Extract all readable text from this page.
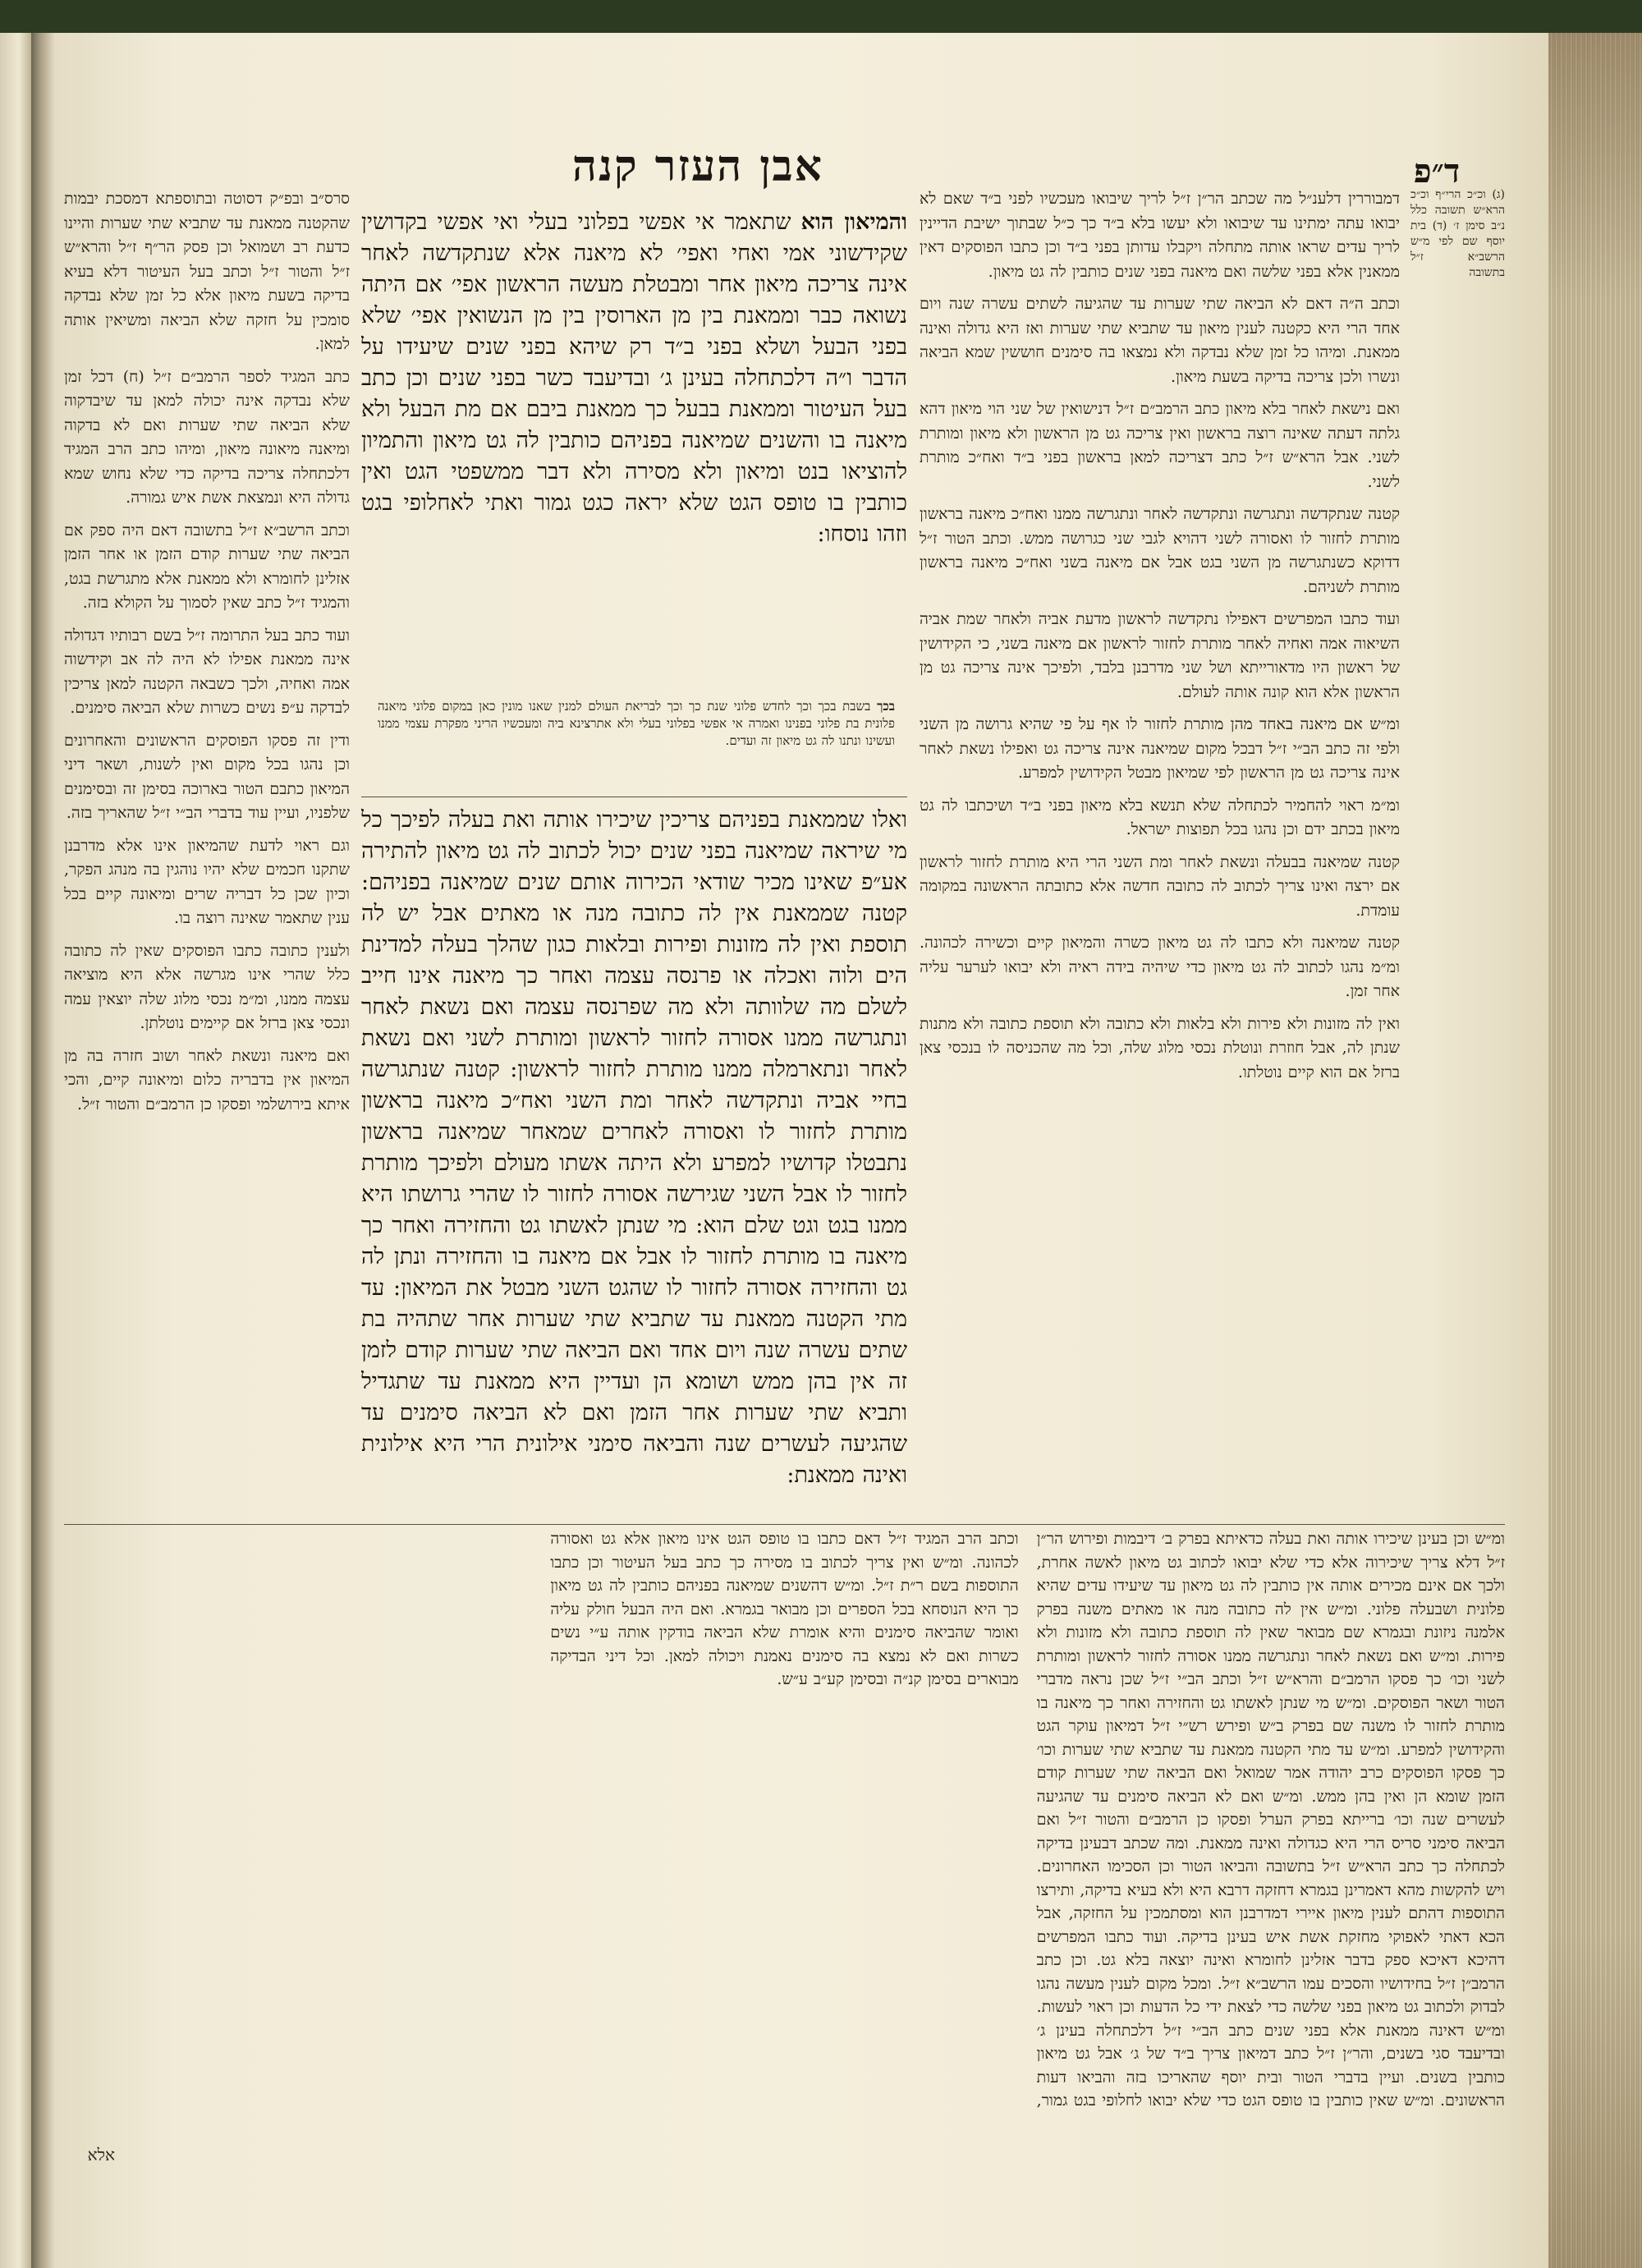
אבן העזר קנה	ד״פ
(ג) וכ״כ הרי״ף וכ״כ הרא״ש תשובה כלל נ״ב סימן ז׳ (ד) בית יוסף שם לפי מ״ש הרשב״א ז״ל בתשובה

דמבוררין דלענ״ל מה שכתב הר״ן ז״ל לריך שיבואו מעכשיו לפני ב״ד שאם לא יבואו עתה ימתינו עד שיבואו ולא יעשו בלא ב״ד כך כ״ל שבתוך ישיבת הדיינין לריך עדים שראו אותה מתחלה ויקבלו עדותן בפני ב״ד וכן כתבו הפוסקים דאין ממאנין אלא בפני שלשה ואם מיאנה בפני שנים כותבין לה גט מיאון.

וכתב ה״ה דאם לא הביאה שתי שערות עד שהגיעה לשתים עשרה שנה ויום אחד הרי היא כקטנה לענין מיאון עד שתביא שתי שערות ואז היא גדולה ואינה ממאנת. ומיהו כל זמן שלא נבדקה ולא נמצאו בה סימנים חוששין שמא הביאה ונשרו ולכן צריכה בדיקה בשעת מיאון.

ואם נישאת לאחר בלא מיאון כתב הרמב״ם ז״ל דנישואין של שני הוי מיאון דהא גלתה דעתה שאינה רוצה בראשון ואין צריכה גט מן הראשון ולא מיאון ומותרת לשני. אבל הרא״ש ז״ל כתב דצריכה למאן בראשון בפני ב״ד ואח״כ מותרת לשני.

קטנה שנתקדשה ונתגרשה ונתקדשה לאחר ונתגרשה ממנו ואח״כ מיאנה בראשון מותרת לחזור לו ואסורה לשני דהויא לגבי שני כגרושה ממש. וכתב הטור ז״ל דדוקא כשנתגרשה מן השני בגט אבל אם מיאנה בשני ואח״כ מיאנה בראשון מותרת לשניהם.

ועוד כתבו המפרשים דאפילו נתקדשה לראשון מדעת אביה ולאחר שמת אביה השיאוה אמה ואחיה לאחר מותרת לחזור לראשון אם מיאנה בשני, כי הקידושין של ראשון היו מדאורייתא ושל שני מדרבנן בלבד, ולפיכך אינה צריכה גט מן הראשון אלא הוא קונה אותה לעולם.

ומ״ש אם מיאנה באחד מהן מותרת לחזור לו אף על פי שהיא גרושה מן השני ולפי זה כתב הב״י ז״ל דבכל מקום שמיאנה אינה צריכה גט ואפילו נשאת לאחר אינה צריכה גט מן הראשון לפי שמיאון מבטל הקידושין למפרע.

ומ״מ ראוי להחמיר לכתחלה שלא תנשא בלא מיאון בפני ב״ד ושיכתבו לה גט מיאון בכתב ידם וכן נהגו בכל תפוצות ישראל.

קטנה שמיאנה בבעלה ונשאת לאחר ומת השני הרי היא מותרת לחזור לראשון אם ירצה ואינו צריך לכתוב לה כתובה חדשה אלא כתובתה הראשונה במקומה עומדת.

קטנה שמיאנה ולא כתבו לה גט מיאון כשרה והמיאון קיים וכשירה לכהונה. ומ״מ נהגו לכתוב לה גט מיאון כדי שיהיה בידה ראיה ולא יבואו לערער עליה אחר זמן.

ואין לה מזונות ולא פירות ולא בלאות ולא כתובה ולא תוספת כתובה ולא מתנות שנתן לה, אבל חוזרת ונוטלת נכסי מלוג שלה, וכל מה שהכניסה לו בנכסי צאן ברזל אם הוא קיים נוטלתו.

והמיאון הוא שתאמר אי אפשי בפלוני בעלי ואי אפשי בקדושין שקידשוני אמי ואחי ואפי׳ לא מיאנה אלא שנתקדשה לאחר אינה צריכה מיאון אחר ומבטלת מעשה הראשון אפי׳ אם היתה נשואה כבר וממאנת בין מן הארוסין בין מן הנשואין אפי׳ שלא בפני הבעל ושלא בפני ב״ד רק שיהא בפני שנים שיעידו על הדבר ו״ה דלכתחלה בעינן ג׳ ובדיעבד כשר בפני שנים וכן כתב בעל העיטור וממאנת בבעל כך ממאנת ביבם אם מת הבעל ולא מיאנה בו והשנים שמיאנה בפניהם כותבין לה גט מיאון והתמיון להוציאו בנט ומיאון ולא מסירה ולא דבר ממשפטי הגט ואין כותבין בו טופס הגט שלא יראה כגט גמור ואתי לאחלופי בגט וזהו נוסחו:
בכך בשבת בכך וכך לחדש פלוני שנת כך וכך לבריאת העולם למנין שאנו מונין כאן במקום פלוני מיאנה פלונית בת פלוני בפנינו ואמרה אי אפשי בפלוני בעלי ולא אתרצינא ביה ומעכשיו הריני מפקרת עצמי ממנו ועשינו ונתנו לה גט מיאון זה ועדים.
ואלו שממאנת בפניהם צריכין שיכירו אותה ואת בעלה לפיכך כל מי שיראה שמיאנה בפני שנים יכול לכתוב לה גט מיאון להתירה אע״פ שאינו מכיר שודאי הכירוה אותם שנים שמיאנה בפניהם: קטנה שממאנת אין לה כתובה מנה או מאתים אבל יש לה תוספת ואין לה מזונות ופירות ובלאות כגון שהלך בעלה למדינת הים ולוה ואכלה או פרנסה עצמה ואחר כך מיאנה אינו חייב לשלם מה שלוותה ולא מה שפרנסה עצמה ואם נשאת לאחר ונתגרשה ממנו אסורה לחזור לראשון ומותרת לשני ואם נשאת לאחר ונתארמלה ממנו מותרת לחזור לראשון: קטנה שנתגרשה בחיי אביה ונתקדשה לאחר ומת השני ואח״כ מיאנה בראשון מותרת לחזור לו ואסורה לאחרים שמאחר שמיאנה בראשון נתבטלו קדושיו למפרע ולא היתה אשתו מעולם ולפיכך מותרת לחזור לו אבל השני שגירשה אסורה לחזור לו שהרי גרושתו היא ממנו בגט וגט שלם הוא: מי שנתן לאשתו גט והחזירה ואחר כך מיאנה בו מותרת לחזור לו אבל אם מיאנה בו והחזירה ונתן לה גט והחזירה אסורה לחזור לו שהגט השני מבטל את המיאון: עד מתי הקטנה ממאנת עד שתביא שתי שערות אחר שתהיה בת שתים עשרה שנה ויום אחד ואם הביאה שתי שערות קודם לזמן זה אין בהן ממש ושומא הן ועדיין היא ממאנת עד שתגדיל ותביא שתי שערות אחר הזמן ואם לא הביאה סימנים עד שהגיעה לעשרים שנה והביאה סימני אילונית הרי היא אילונית ואינה ממאנת:

סרס״ב ובפ״ק דסוטה ובתוספתא דמסכת יבמות שהקטנה ממאנת עד שתביא שתי שערות והיינו כדעת רב ושמואל וכן פסק הר״ף ז״ל והרא״ש ז״ל והטור ז״ל וכתב בעל העיטור דלא בעיא בדיקה בשעת מיאון אלא כל זמן שלא נבדקה סומכין על חזקה שלא הביאה ומשיאין אותה למאן.

כתב המגיד לספר הרמב״ם ז״ל (ח) דכל זמן שלא נבדקה אינה יכולה למאן עד שיבדקוה שלא הביאה שתי שערות ואם לא בדקוה ומיאנה מיאונה מיאון, ומיהו כתב הרב המגיד דלכתחלה צריכה בדיקה כדי שלא נחוש שמא גדולה היא ונמצאת אשת איש גמורה.

וכתב הרשב״א ז״ל בתשובה דאם היה ספק אם הביאה שתי שערות קודם הזמן או אחר הזמן אזלינן לחומרא ולא ממאנת אלא מתגרשת בגט, והמגיד ז״ל כתב שאין לסמוך על הקולא בזה.

ועוד כתב בעל התרומה ז״ל בשם רבותיו דגדולה אינה ממאנת אפילו לא היה לה אב וקידשוה אמה ואחיה, ולכך כשבאה הקטנה למאן צריכין לבדקה ע״פ נשים כשרות שלא הביאה סימנים.

ודין זה פסקו הפוסקים הראשונים והאחרונים וכן נהגו בכל מקום ואין לשנות, ושאר דיני המיאון כתבם הטור בארוכה בסימן זה ובסימנים שלפניו, ועיין עוד בדברי הב״י ז״ל שהאריך בזה.

וגם ראוי לדעת שהמיאון אינו אלא מדרבנן שתקנו חכמים שלא יהיו נוהגין בה מנהג הפקר, וכיון שכן כל דבריה שרים ומיאונה קיים בכל ענין שתאמר שאינה רוצה בו.

ולענין כתובה כתבו הפוסקים שאין לה כתובה כלל שהרי אינו מגרשה אלא היא מוציאה עצמה ממנו, ומ״מ נכסי מלוג שלה יוצאין עמה ונכסי צאן ברזל אם קיימים נוטלתן.

ואם מיאנה ונשאת לאחר ושוב חזרה בה מן המיאון אין בדבריה כלום ומיאונה קיים, והכי איתא בירושלמי ופסקו כן הרמב״ם והטור ז״ל.

ומ״ש וכן בעינן שיכירו אותה ואת בעלה כדאיתא בפרק ב׳ דיבמות ופירוש הר״ן ז״ל דלא צריך שיכירוה אלא כדי שלא יבואו לכתוב גט מיאון לאשה אחרת, ולכך אם אינם מכירים אותה אין כותבין לה גט מיאון עד שיעידו עדים שהיא פלונית ושבעלה פלוני. ומ״ש אין לה כתובה מנה או מאתים משנה בפרק אלמנה ניזונת ובגמרא שם מבואר שאין לה תוספת כתובה ולא מזונות ולא פירות. ומ״ש ואם נשאת לאחר ונתגרשה ממנו אסורה לחזור לראשון ומותרת לשני וכו׳ כך פסקו הרמב״ם והרא״ש ז״ל וכתב הב״י ז״ל שכן נראה מדברי הטור ושאר הפוסקים. ומ״ש מי שנתן לאשתו גט והחזירה ואחר כך מיאנה בו מותרת לחזור לו משנה שם בפרק ב״ש ופירש רש״י ז״ל דמיאון עוקר הגט והקידושין למפרע. ומ״ש עד מתי הקטנה ממאנת עד שתביא שתי שערות וכו׳ כך פסקו הפוסקים כרב יהודה אמר שמואל ואם הביאה שתי שערות קודם הזמן שומא הן ואין בהן ממש. ומ״ש ואם לא הביאה סימנים עד שהגיעה לעשרים שנה וכו׳ ברייתא בפרק הערל ופסקו כן הרמב״ם והטור ז״ל ואם הביאה סימני סריס הרי היא כגדולה ואינה ממאנת. ומה שכתב דבעינן בדיקה לכתחלה כך כתב הרא״ש ז״ל בתשובה והביאו הטור וכן הסכימו האחרונים. ויש להקשות מהא דאמרינן בגמרא דחזקה דרבא היא ולא בעיא בדיקה, ותירצו התוספות דהתם לענין מיאון איירי דמדרבנן הוא ומסתמכין על החזקה, אבל הכא דאתי לאפוקי מחזקת אשת איש בעינן בדיקה. ועוד כתבו המפרשים דהיכא דאיכא ספק בדבר אזלינן לחומרא ואינה יוצאה בלא גט. וכן כתב הרמב״ן ז״ל בחידושיו והסכים עמו הרשב״א ז״ל. ומכל מקום לענין מעשה נהגו לבדוק ולכתוב גט מיאון בפני שלשה כדי לצאת ידי כל הדעות וכן ראוי לעשות. ומ״ש דאינה ממאנת אלא בפני שנים כתב הב״י ז״ל דלכתחלה בעינן ג׳ ובדיעבד סגי בשנים, והר״ן ז״ל כתב דמיאון צריך ב״ד של ג׳ אבל גט מיאון כותבין בשנים. ועיין בדברי הטור ובית יוסף שהאריכו בזה והביאו דעות הראשונים. ומ״ש שאין כותבין בו טופס הגט כדי שלא יבואו לחלופי בגט גמור, וכתב הרב המגיד ז״ל דאם כתבו בו טופס הגט אינו מיאון אלא גט ואסורה לכהונה. ומ״ש ואין צריך לכתוב בו מסירה כך כתב בעל העיטור וכן כתבו התוספות בשם ר״ת ז״ל. ומ״ש דהשנים שמיאנה בפניהם כותבין לה גט מיאון כך היא הנוסחא בכל הספרים וכן מבואר בגמרא. ואם היה הבעל חולק עליה ואומר שהביאה סימנים והיא אומרת שלא הביאה בודקין אותה ע״י נשים כשרות ואם לא נמצא בה סימנים נאמנת ויכולה למאן. וכל דיני הבדיקה מבוארים בסימן קנ״ה ובסימן קע״ב ע״ש.
אלא
